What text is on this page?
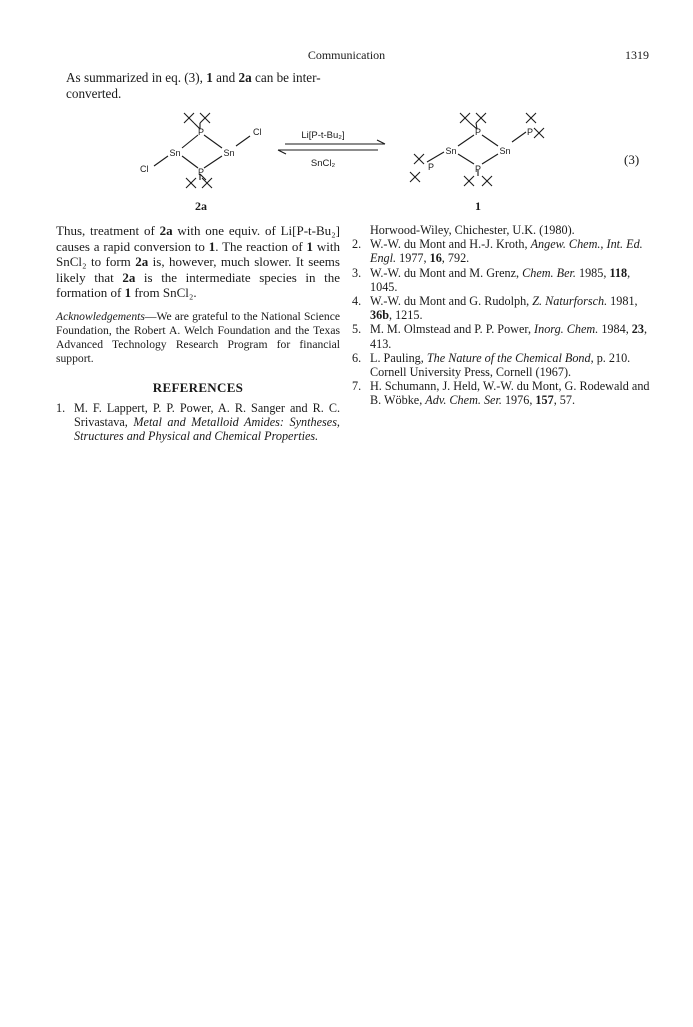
Communication	1319
As summarized in eq. (3), 1 and 2a can be inter-converted.
P
Sn	Sn
P
Cl
Cl
Li[P-t-Bu₂]
SnCl₂
P
Sn	Sn
P
P
P
2a	1
(3)

Thus, treatment of 2a with one equiv. of Li[P-t-Bu₂] causes a rapid conversion to 1. The reaction of 1 with SnCl₂ to form 2a is, however, much slower. It seems likely that 2a is the intermediate species in the formation of 1 from SnCl₂.

Acknowledgements—We are grateful to the National Science Foundation, the Robert A. Welch Foundation and the Texas Advanced Technology Research Program for financial support.

REFERENCES
1. M. F. Lappert, P. P. Power, A. R. Sanger and R. C. Srivastava, Metal and Metalloid Amides: Syntheses, Structures and Physical and Chemical Properties.
Horwood-Wiley, Chichester, U.K. (1980).
2. W.-W. du Mont and H.-J. Kroth, Angew. Chem., Int. Ed. Engl. 1977, 16, 792.
3. W.-W. du Mont and M. Grenz, Chem. Ber. 1985, 118, 1045.
4. W.-W. du Mont and G. Rudolph, Z. Naturforsch. 1981, 36b, 1215.
5. M. M. Olmstead and P. P. Power, Inorg. Chem. 1984, 23, 413.
6. L. Pauling, The Nature of the Chemical Bond, p. 210. Cornell University Press, Cornell (1967).
7. H. Schumann, J. Held, W.-W. du Mont, G. Rodewald and B. Wöbke, Adv. Chem. Ser. 1976, 157, 57.
